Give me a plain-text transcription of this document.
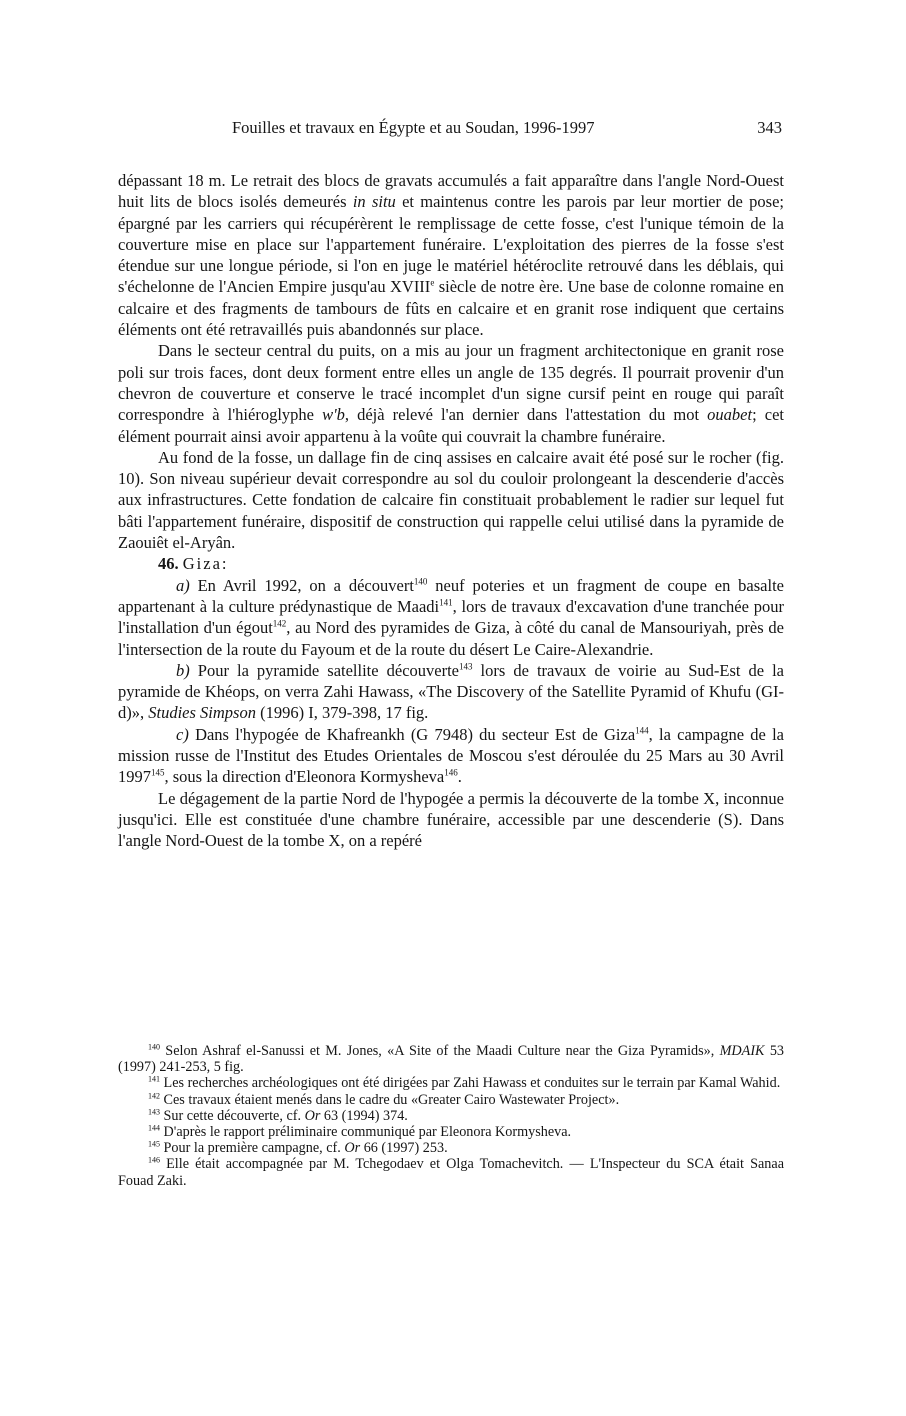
Fouilles et travaux en Égypte et au Soudan, 1996-1997	343

dépassant 18 m. Le retrait des blocs de gravats accumulés a fait apparaître dans l'angle Nord-Ouest huit lits de blocs isolés demeurés in situ et maintenus contre les parois par leur mortier de pose; épargné par les carriers qui récupérèrent le remplissage de cette fosse, c'est l'unique témoin de la couverture mise en place sur l'appartement funéraire. L'exploitation des pierres de la fosse s'est étendue sur une longue période, si l'on en juge le matériel hétéroclite retrouvé dans les déblais, qui s'échelonne de l'Ancien Empire jusqu'au XVIIIe siècle de notre ère. Une base de colonne romaine en calcaire et des fragments de tambours de fûts en calcaire et en granit rose indiquent que certains éléments ont été retravaillés puis abandonnés sur place.

Dans le secteur central du puits, on a mis au jour un fragment architectonique en granit rose poli sur trois faces, dont deux forment entre elles un angle de 135 degrés. Il pourrait provenir d'un chevron de couverture et conserve le tracé incomplet d'un signe cursif peint en rouge qui paraît correspondre à l'hiéroglyphe w'b, déjà relevé l'an dernier dans l'attestation du mot ouabet; cet élément pourrait ainsi avoir appartenu à la voûte qui couvrait la chambre funéraire.

Au fond de la fosse, un dallage fin de cinq assises en calcaire avait été posé sur le rocher (fig. 10). Son niveau supérieur devait correspondre au sol du couloir prolongeant la descenderie d'accès aux infrastructures. Cette fondation de calcaire fin constituait probablement le radier sur lequel fut bâti l'appartement funéraire, dispositif de construction qui rappelle celui utilisé dans la pyramide de Zaouiêt el-Aryân.

46. Giza:

a) En Avril 1992, on a découvert$^{140}$ neuf poteries et un fragment de coupe en basalte appartenant à la culture prédynastique de Maadi$^{141}$, lors de travaux d'excavation d'une tranchée pour l'installation d'un égout$^{142}$, au Nord des pyramides de Giza, à côté du canal de Mansouriyah, près de l'intersection de la route du Fayoum et de la route du désert Le Caire-Alexandrie.

b) Pour la pyramide satellite découverte$^{143}$ lors de travaux de voirie au Sud-Est de la pyramide de Khéops, on verra Zahi Hawass, «The Discovery of the Satellite Pyramid of Khufu (GI-d)», Studies Simpson (1996) I, 379-398, 17 fig.

c) Dans l'hypogée de Khafreankh (G 7948) du secteur Est de Giza$^{144}$, la campagne de la mission russe de l'Institut des Etudes Orientales de Moscou s'est déroulée du 25 Mars au 30 Avril 1997$^{145}$, sous la direction d'Eleonora Kormysheva$^{146}$.

Le dégagement de la partie Nord de l'hypogée a permis la découverte de la tombe X, inconnue jusqu'ici. Elle est constituée d'une chambre funéraire, accessible par une descenderie (S). Dans l'angle Nord-Ouest de la tombe X, on a repéré

$^{140}$ Selon Ashraf el-Sanussi et M. Jones, «A Site of the Maadi Culture near the Giza Pyramids», MDAIK 53 (1997) 241-253, 5 fig.

$^{141}$ Les recherches archéologiques ont été dirigées par Zahi Hawass et conduites sur le terrain par Kamal Wahid.

$^{142}$ Ces travaux étaient menés dans le cadre du «Greater Cairo Wastewater Project».

$^{143}$ Sur cette découverte, cf. Or 63 (1994) 374.

$^{144}$ D'après le rapport préliminaire communiqué par Eleonora Kormysheva.

$^{145}$ Pour la première campagne, cf. Or 66 (1997) 253.

$^{146}$ Elle était accompagnée par M. Tchegodaev et Olga Tomachevitch. — L'Inspecteur du SCA était Sanaa Fouad Zaki.
